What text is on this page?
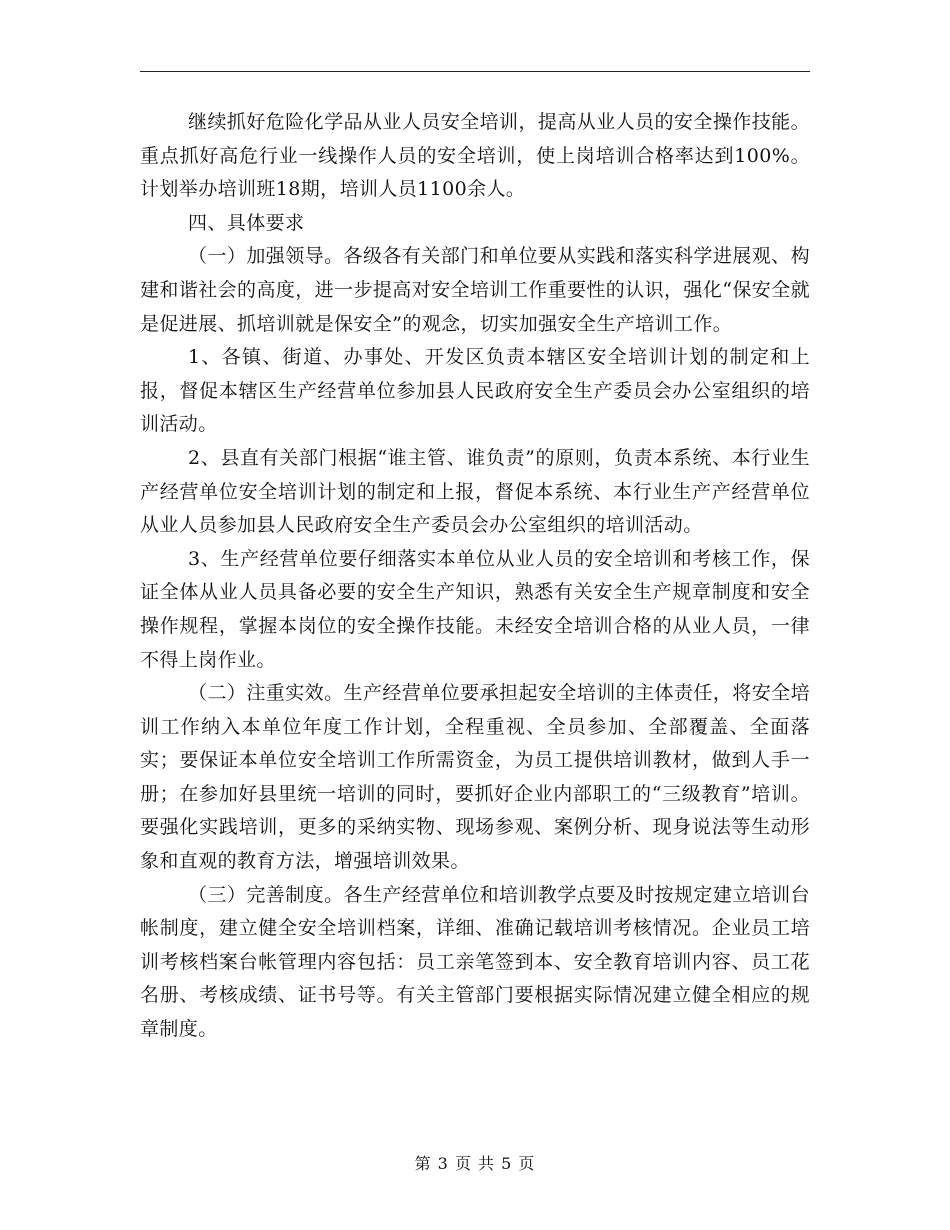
继续抓好危险化学品从业人员安全培训，提高从业人员的安全操作技能。重点抓好高危行业一线操作人员的安全培训，使上岗培训合格率达到100%。计划举办培训班18期，培训人员1100余人。

四、具体要求

（一）加强领导。各级各有关部门和单位要从实践和落实科学进展观、构建和谐社会的高度，进一步提高对安全培训工作重要性的认识，强化“保安全就是促进展、抓培训就是保安全”的观念，切实加强安全生产培训工作。

1、各镇、街道、办事处、开发区负责本辖区安全培训计划的制定和上报，督促本辖区生产经营单位参加县人民政府安全生产委员会办公室组织的培训活动。

2、县直有关部门根据“谁主管、谁负责”的原则，负责本系统、本行业生产经营单位安全培训计划的制定和上报，督促本系统、本行业生产产经营单位从业人员参加县人民政府安全生产委员会办公室组织的培训活动。

3、生产经营单位要仔细落实本单位从业人员的安全培训和考核工作，保证全体从业人员具备必要的安全生产知识，熟悉有关安全生产规章制度和安全操作规程，掌握本岗位的安全操作技能。未经安全培训合格的从业人员，一律不得上岗作业。

（二）注重实效。生产经营单位要承担起安全培训的主体责任，将安全培训工作纳入本单位年度工作计划，全程重视、全员参加、全部覆盖、全面落实；要保证本单位安全培训工作所需资金，为员工提供培训教材，做到人手一册；在参加好县里统一培训的同时，要抓好企业内部职工的“三级教育”培训。要强化实践培训，更多的采纳实物、现场参观、案例分析、现身说法等生动形象和直观的教育方法，增强培训效果。

（三）完善制度。各生产经营单位和培训教学点要及时按规定建立培训台帐制度，建立健全安全培训档案，详细、准确记载培训考核情况。企业员工培训考核档案台帐管理内容包括：员工亲笔签到本、安全教育培训内容、员工花名册、考核成绩、证书号等。有关主管部门要根据实际情况建立健全相应的规章制度。

第 3 页 共 5 页
